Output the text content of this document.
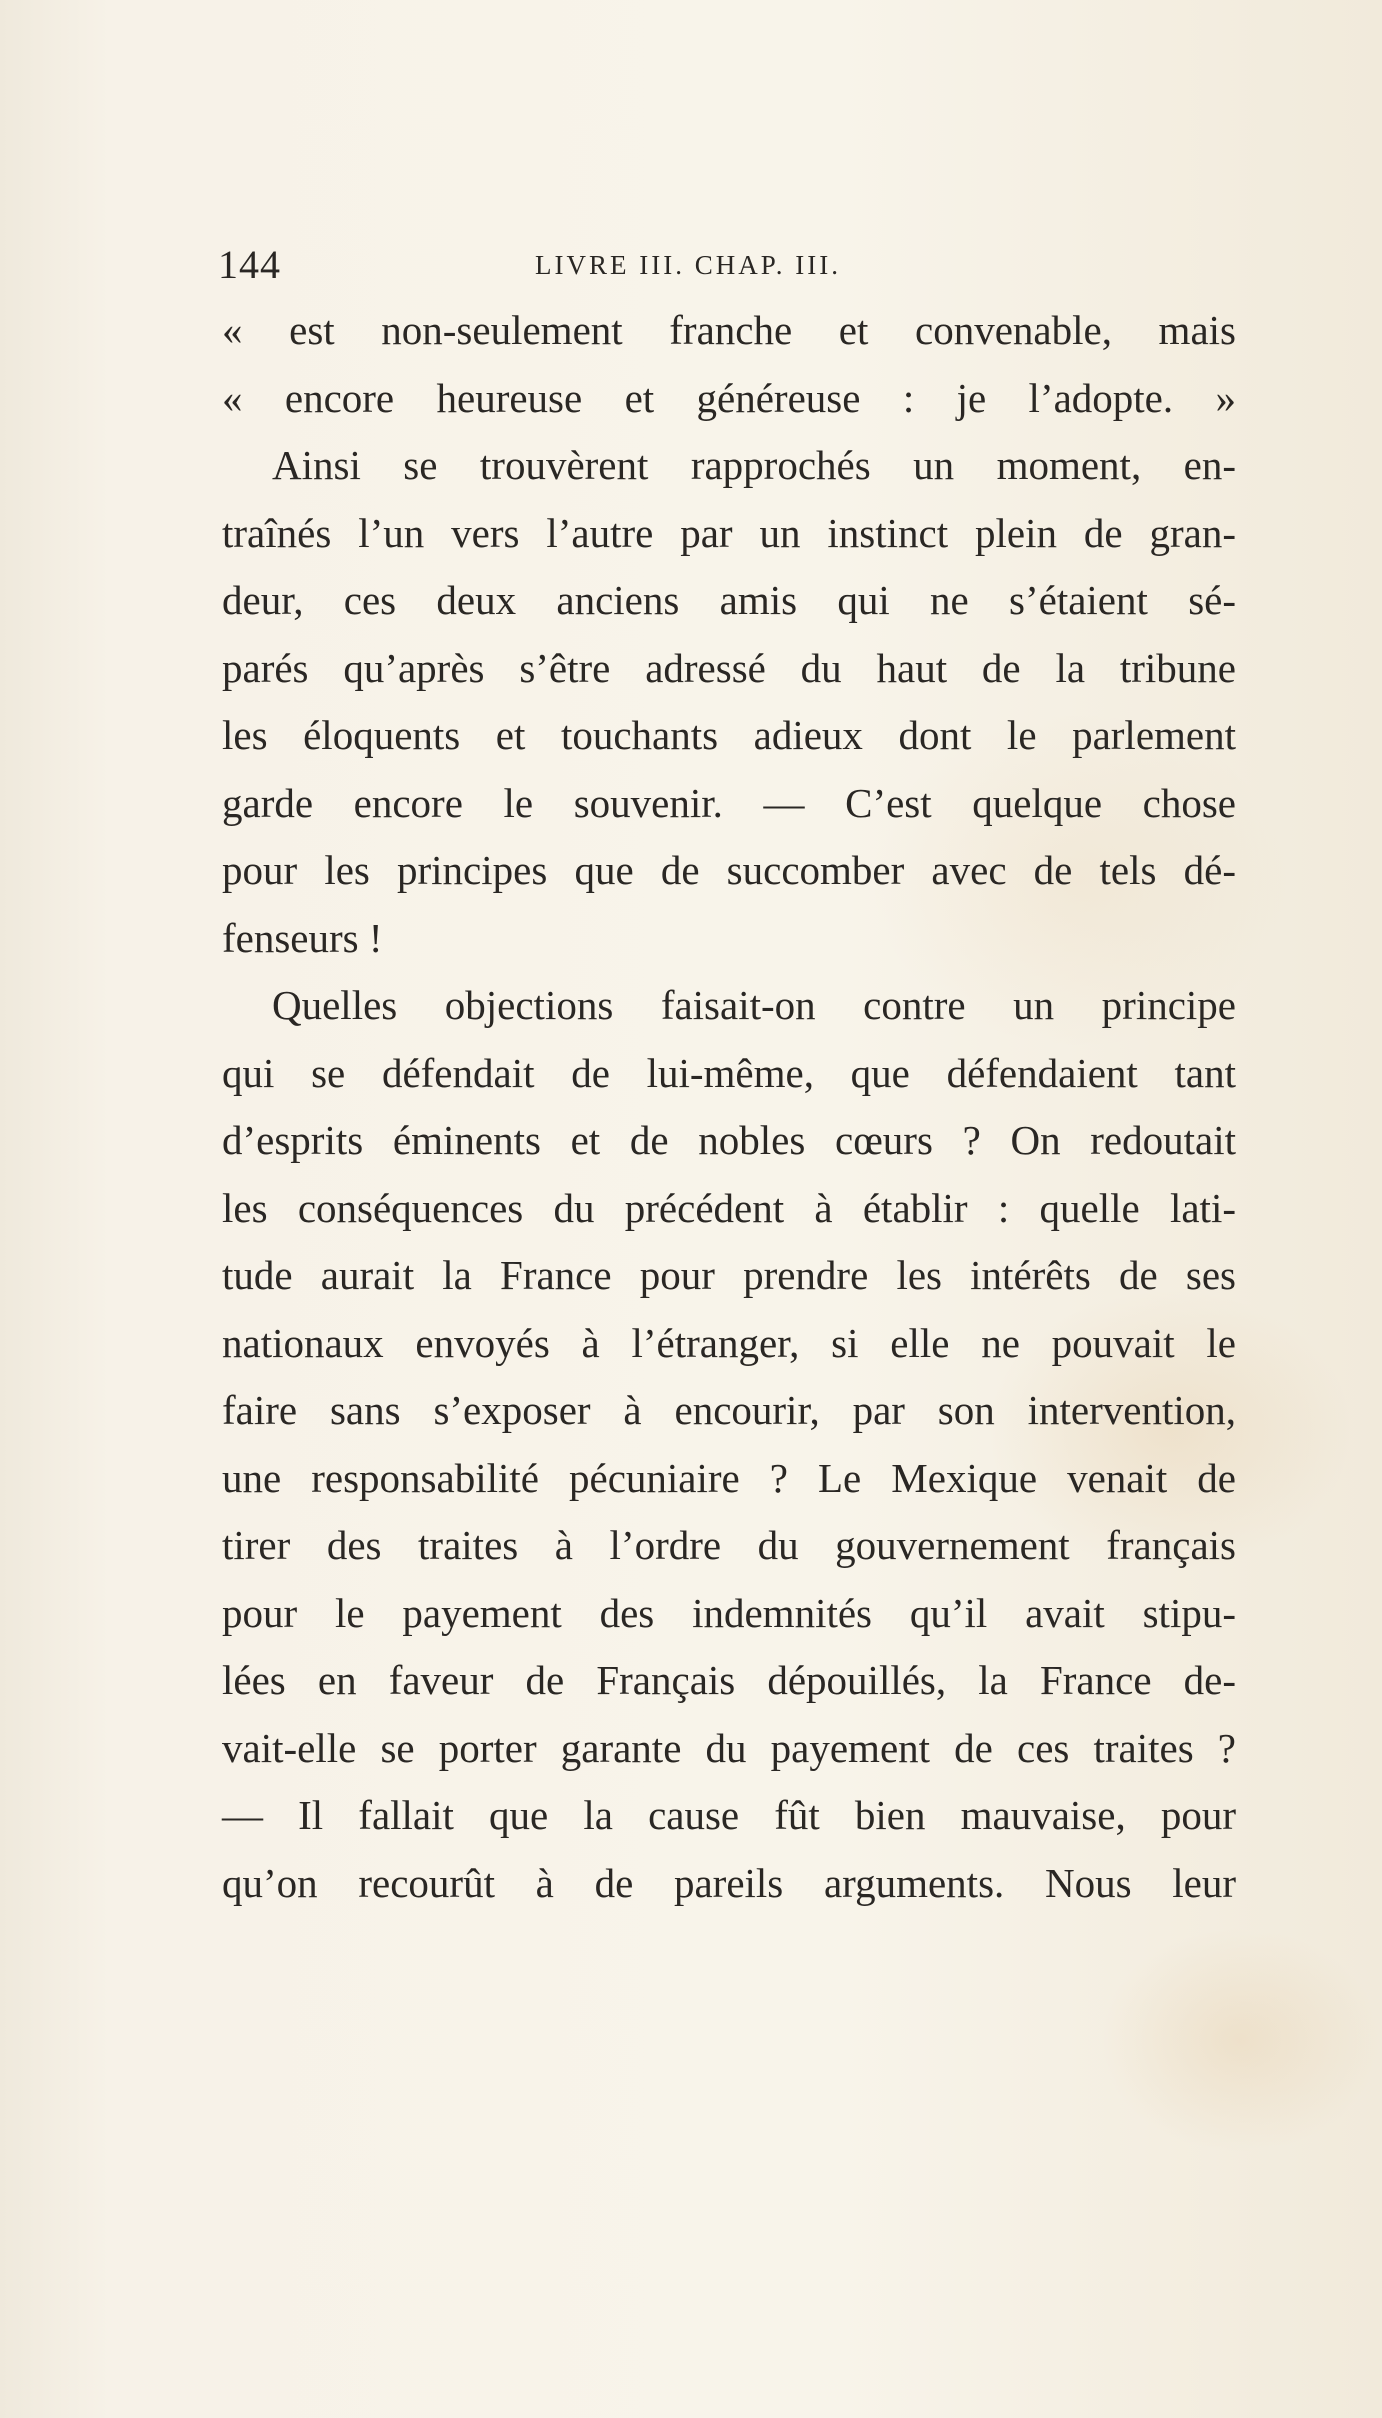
144	LIVRE III. CHAP. III.
« est non-seulement franche et convenable, mais
« encore heureuse et généreuse : je l’adopte. »
Ainsi se trouvèrent rapprochés un moment, en-
traînés l’un vers l’autre par un instinct plein de gran-
deur, ces deux anciens amis qui ne s’étaient sé-
parés qu’après s’être adressé du haut de la tribune
les éloquents et touchants adieux dont le parlement
garde encore le souvenir. — C’est quelque chose
pour les principes que de succomber avec de tels dé-
fenseurs !
Quelles objections faisait-on contre un principe
qui se défendait de lui-même, que défendaient tant
d’esprits éminents et de nobles cœurs ? On redoutait
les conséquences du précédent à établir : quelle lati-
tude aurait la France pour prendre les intérêts de ses
nationaux envoyés à l’étranger, si elle ne pouvait le
faire sans s’exposer à encourir, par son intervention,
une responsabilité pécuniaire ? Le Mexique venait de
tirer des traites à l’ordre du gouvernement français
pour le payement des indemnités qu’il avait stipu-
lées en faveur de Français dépouillés, la France de-
vait-elle se porter garante du payement de ces traites ?
— Il fallait que la cause fût bien mauvaise, pour
qu’on recourût à de pareils arguments. Nous leur
